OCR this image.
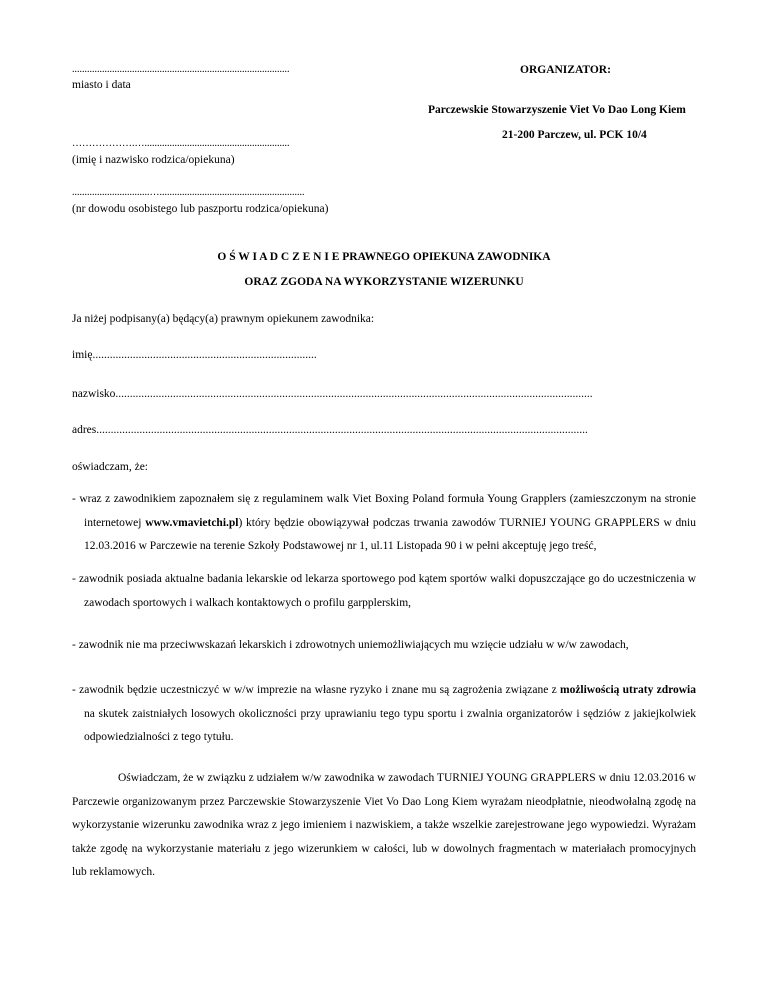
.......................................................................................
miasto i data
ORGANIZATOR:
Parczewskie Stowarzyszenie Viet Vo Dao Long Kiem
21-200 Parczew, ul. PCK 10/4
……………….…..........................................................
(imię i nazwisko rodzica/opiekuna)
...............................…..........................................................
(nr dowodu osobistego lub paszportu rodzica/opiekuna)
O Ś W I A D C Z E N I E PRAWNEGO OPIEKUNA ZAWODNIKA
ORAZ ZGODA NA WYKORZYSTANIE WIZERUNKU
Ja niżej podpisany(a) będący(a) prawnym opiekunem zawodnika:
imię..............................................................................
nazwisko......................................................................................................................................................................
adres...........................................................................................................................................................................
oświadczam, że:
- wraz z zawodnikiem zapoznałem się z regulaminem walk Viet Boxing Poland formuła Young Grapplers (zamieszczonym na stronie internetowej www.vmavietchi.pl) który będzie obowiązywał podczas trwania zawodów TURNIEJ YOUNG GRAPPLERS w dniu 12.03.2016 w Parczewie na terenie Szkoły Podstawowej nr 1, ul.11 Listopada 90 i w pełni akceptuję jego treść,
- zawodnik posiada aktualne badania lekarskie od lekarza sportowego pod kątem sportów walki dopuszczające go do uczestniczenia w zawodach sportowych i walkach kontaktowych o profilu garpplerskim,
- zawodnik nie ma przeciwwskazań lekarskich i zdrowotnych uniemożliwiających mu wzięcie udziału w w/w zawodach,
- zawodnik będzie uczestniczyć w w/w imprezie na własne ryzyko i znane mu są zagrożenia związane z możliwością utraty zdrowia na skutek zaistniałych losowych okoliczności przy uprawianiu tego typu sportu i zwalnia organizatorów i sędziów z jakiejkolwiek odpowiedzialności z tego tytułu.
Oświadczam, że w związku z udziałem w/w zawodnika w zawodach TURNIEJ YOUNG GRAPPLERS w dniu 12.03.2016 w Parczewie organizowanym przez Parczewskie Stowarzyszenie Viet Vo Dao Long Kiem wyrażam nieodpłatnie, nieodwołalną zgodę na wykorzystanie wizerunku zawodnika wraz z jego imieniem i nazwiskiem, a także wszelkie zarejestrowane jego wypowiedzi. Wyrażam także zgodę na wykorzystanie materiału z jego wizerunkiem w całości, lub w dowolnych fragmentach w materiałach promocyjnych lub reklamowych.
